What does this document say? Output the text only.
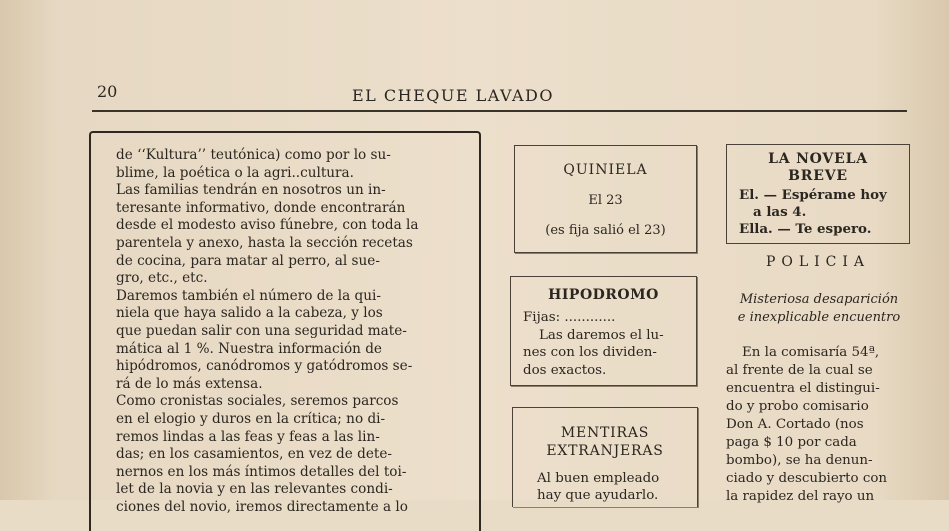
20	EL CHEQUE LAVADO

de ‘‘Kultura’’ teutónica) como por lo su-

blime, la poética o la agri..cultura.

Las familias tendrán en nosotros un in-

teresante informativo, donde encontrarán

desde el modesto aviso fúnebre, con toda la

parentela y anexo, hasta la sección recetas

de cocina, para matar al perro, al sue-

gro, etc., etc.

Daremos también el número de la qui-

niela que haya salido a la cabeza, y los

que puedan salir con una seguridad mate-

mática al 1 %. Nuestra información de

hipódromos, canódromos y gatódromos se-

rá de lo más extensa.

Como cronistas sociales, seremos parcos

en el elogio y duros en la crítica; no di-

remos lindas a las feas y feas a las lin-

das; en los casamientos, en vez de dete-

nernos en los más íntimos detalles del toi-

let de la novia y en las relevantes condi-

ciones del novio, iremos directamente a lo

QUINIELA
El 23
(es fija salió el 23)
HIPODROMO
Fijas: ............
Las daremos el lu-
nes con los dividen-
dos exactos.
MENTIRAS
EXTRANJERAS
Al buen empleado
hay que ayudarlo.
LA NOVELA
BREVE
El. — Espérame hoy
a las 4.
Ella. — Te espero.
POLICIA
Misteriosa desaparición
e inexplicable encuentro
En la comisaría 54ª,
al frente de la cual se
encuentra el distingui-
do y probo comisario
Don A. Cortado (nos
paga $ 10 por cada
bombo), se ha denun-
ciado y descubierto con
la rapidez del rayo un
